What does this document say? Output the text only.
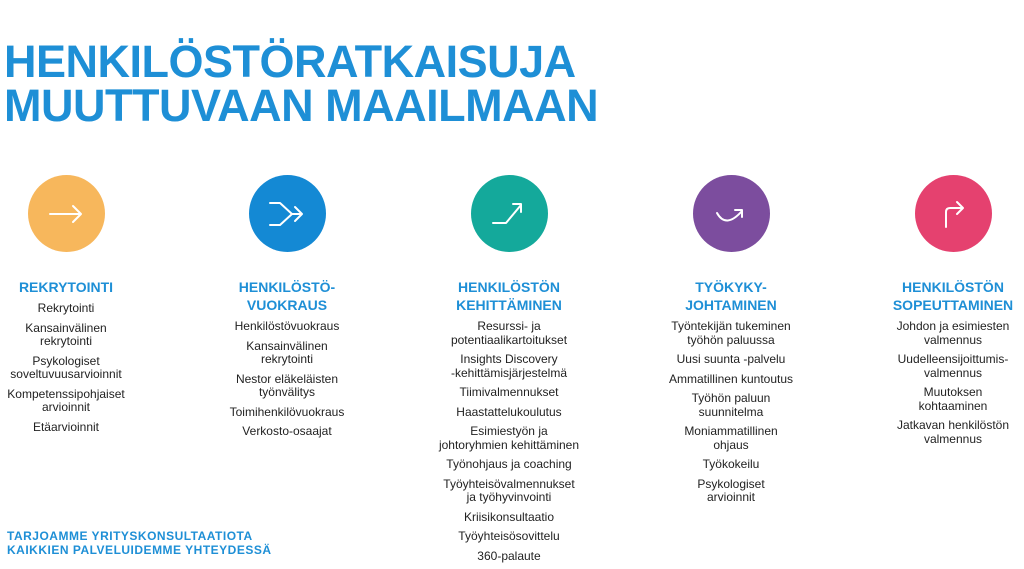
HENKILÖSTÖRATKAISUJA
MUUTTUVAAN MAAILMAAN
REKRYTOINTI
Rekrytointi
Kansainvälinen
rekrytointi
Psykologiset
soveltuvuusarvioinnit
Kompetenssipohjaiset
arvioinnit
Etäarvioinnit
HENKILÖSTÖ-
VUOKRAUS
Henkilöstövuokraus
Kansainvälinen
rekrytointi
Nestor eläkeläisten
työnvälitys
Toimihenkilövuokraus
Verkosto-osaajat
HENKILÖSTÖN
KEHITTÄMINEN
Resurssi- ja
potentiaalikartoitukset
Insights Discovery
-kehittämisjärjestelmä
Tiimivalmennukset
Haastattelukoulutus
Esimiestyön ja
johtoryhmien kehittäminen
Työnohjaus ja coaching
Työyhteisövalmennukset
ja työhyvinvointi
Kriisikonsultaatio
Työyhteisösovittelu
360-palaute
TYÖKYKY-
JOHTAMINEN
Työntekijän tukeminen
työhön paluussa
Uusi suunta -palvelu
Ammatillinen kuntoutus
Työhön paluun
suunnitelma
Moniammatillinen
ohjaus
Työkokeilu
Psykologiset
arvioinnit
HENKILÖSTÖN
SOPEUTTAMINEN
Johdon ja esimiesten
valmennus
Uudelleensijoittumis-
valmennus
Muutoksen
kohtaaminen
Jatkavan henkilöstön
valmennus
TARJOAMME YRITYSKONSULTAATIOTA
KAIKKIEN PALVELUIDEMME YHTEYDESSÄ
